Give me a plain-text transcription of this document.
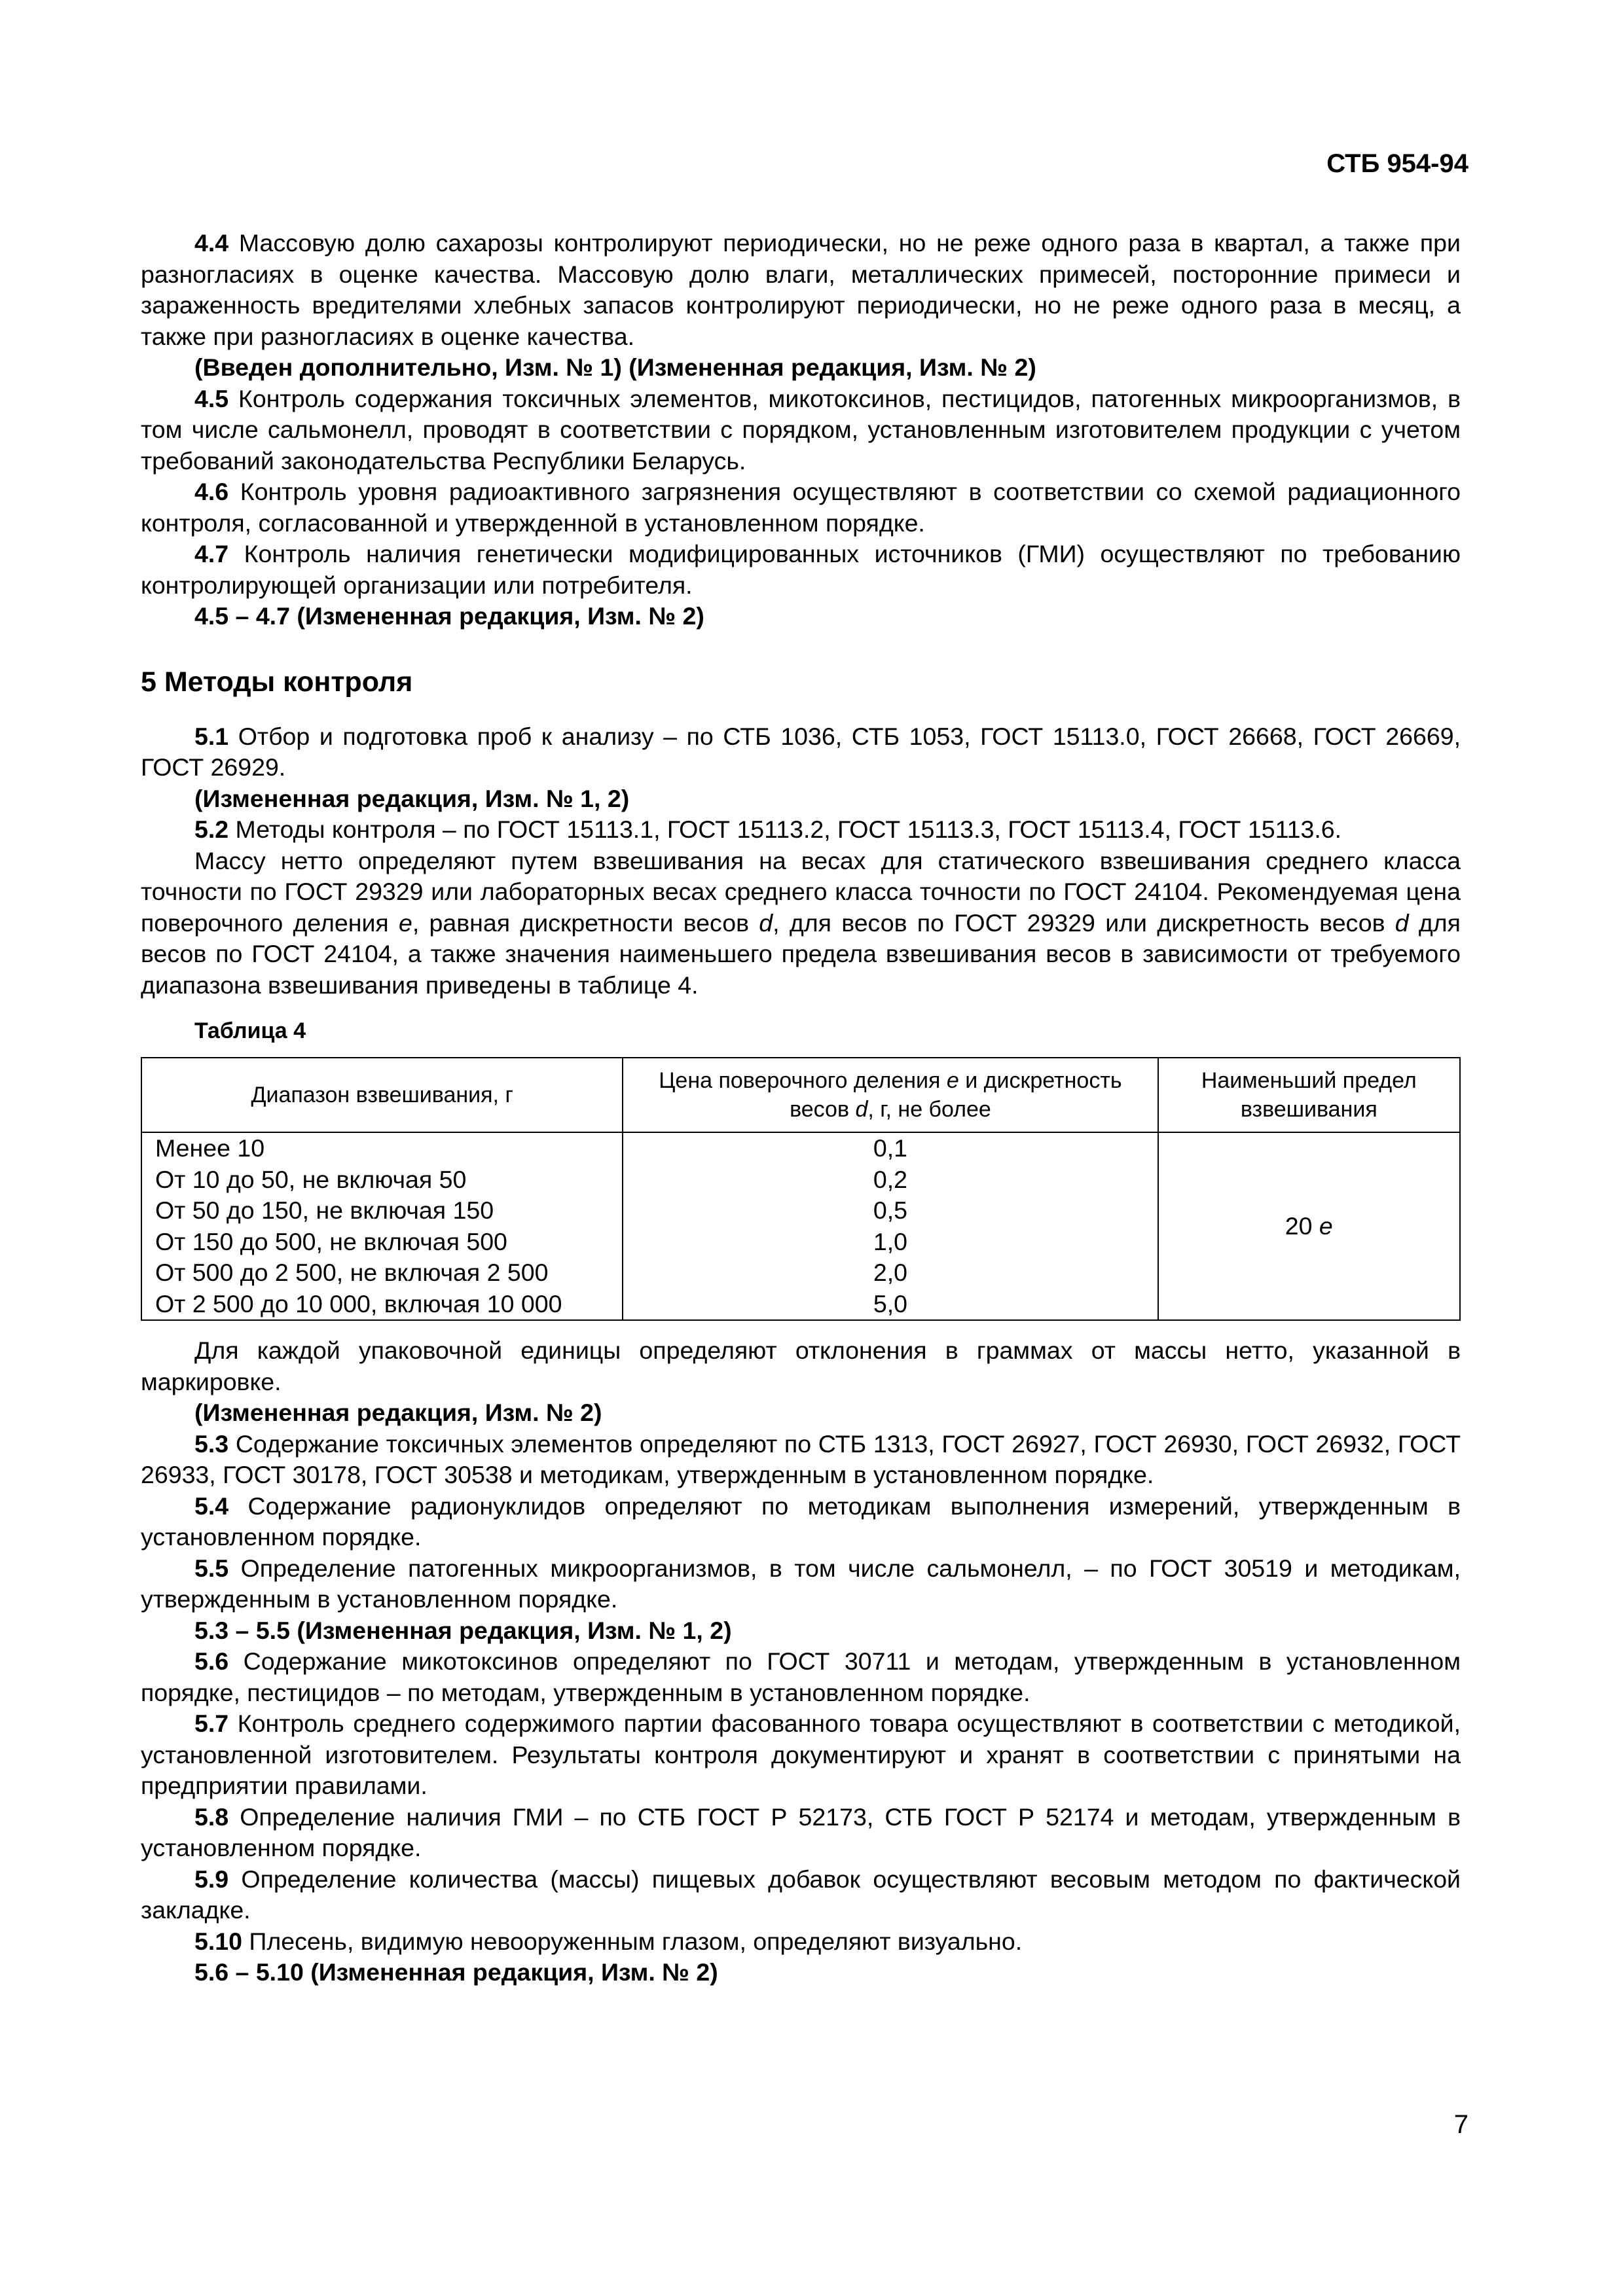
СТБ 954-94

4.4 Массовую долю сахарозы контролируют периодически, но не реже одного раза в квартал, а также при разногласиях в оценке качества. Массовую долю влаги, металлических примесей, посторонние примеси и зараженность вредителями хлебных запасов контролируют периодически, но не реже одного раза в месяц, а также при разногласиях в оценке качества.

(Введен дополнительно, Изм. № 1) (Измененная редакция, Изм. № 2)

4.5 Контроль содержания токсичных элементов, микотоксинов, пестицидов, патогенных микроорганизмов, в том числе сальмонелл, проводят в соответствии с порядком, установленным изготовителем продукции с учетом требований законодательства Республики Беларусь.

4.6 Контроль уровня радиоактивного загрязнения осуществляют в соответствии со схемой радиационного контроля, согласованной и утвержденной в установленном порядке.

4.7 Контроль наличия генетически модифицированных источников (ГМИ) осуществляют по требованию контролирующей организации или потребителя.

4.5 – 4.7 (Измененная редакция, Изм. № 2)

5 Методы контроля

5.1 Отбор и подготовка проб к анализу – по СТБ 1036, СТБ 1053, ГОСТ 15113.0, ГОСТ 26668, ГОСТ 26669, ГОСТ 26929.

(Измененная редакция, Изм. № 1, 2)

5.2 Методы контроля – по ГОСТ 15113.1, ГОСТ 15113.2, ГОСТ 15113.3, ГОСТ 15113.4, ГОСТ 15113.6.

Массу нетто определяют путем взвешивания на весах для статического взвешивания среднего класса точности по ГОСТ 29329 или лабораторных весах среднего класса точности по ГОСТ 24104. Рекомендуемая цена поверочного деления е, равная дискретности весов d, для весов по ГОСТ 29329 или дискретность весов d для весов по ГОСТ 24104, а также значения наименьшего предела взвешивания весов в зависимости от требуемого диапазона взвешивания приведены в таблице 4.

Таблица 4
Диапазон взвешивания, г	Цена поверочного деления е и дискретность весов d, г, не более	Наименьший предел взвешивания
Менее 10	0,1	20 е
От 10 до 50, не включая 50	0,2	
От 50 до 150, не включая 150	0,5	
От 150 до 500, не включая 500	1,0	
От 500 до 2 500, не включая 2 500	2,0	
От 2 500 до 10 000, включая 10 000	5,0	

Для каждой упаковочной единицы определяют отклонения в граммах от массы нетто, указанной в маркировке.

(Измененная редакция, Изм. № 2)

5.3 Содержание токсичных элементов определяют по СТБ 1313, ГОСТ 26927, ГОСТ 26930, ГОСТ 26932, ГОСТ 26933, ГОСТ 30178, ГОСТ 30538 и методикам, утвержденным в установленном порядке.

5.4 Содержание радионуклидов определяют по методикам выполнения измерений, утвержденным в установленном порядке.

5.5 Определение патогенных микроорганизмов, в том числе сальмонелл, – по ГОСТ 30519 и методикам, утвержденным в установленном порядке.

5.3 – 5.5 (Измененная редакция, Изм. № 1, 2)

5.6 Содержание микотоксинов определяют по ГОСТ 30711 и методам, утвержденным в установленном порядке, пестицидов – по методам, утвержденным в установленном порядке.

5.7 Контроль среднего содержимого партии фасованного товара осуществляют в соответствии с методикой, установленной изготовителем. Результаты контроля документируют и хранят в соответствии с принятыми на предприятии правилами.

5.8 Определение наличия ГМИ – по СТБ ГОСТ Р 52173, СТБ ГОСТ Р 52174 и методам, утвержденным в установленном порядке.

5.9 Определение количества (массы) пищевых добавок осуществляют весовым методом по фактической закладке.

5.10 Плесень, видимую невооруженным глазом, определяют визуально.

5.6 – 5.10 (Измененная редакция, Изм. № 2)

7
